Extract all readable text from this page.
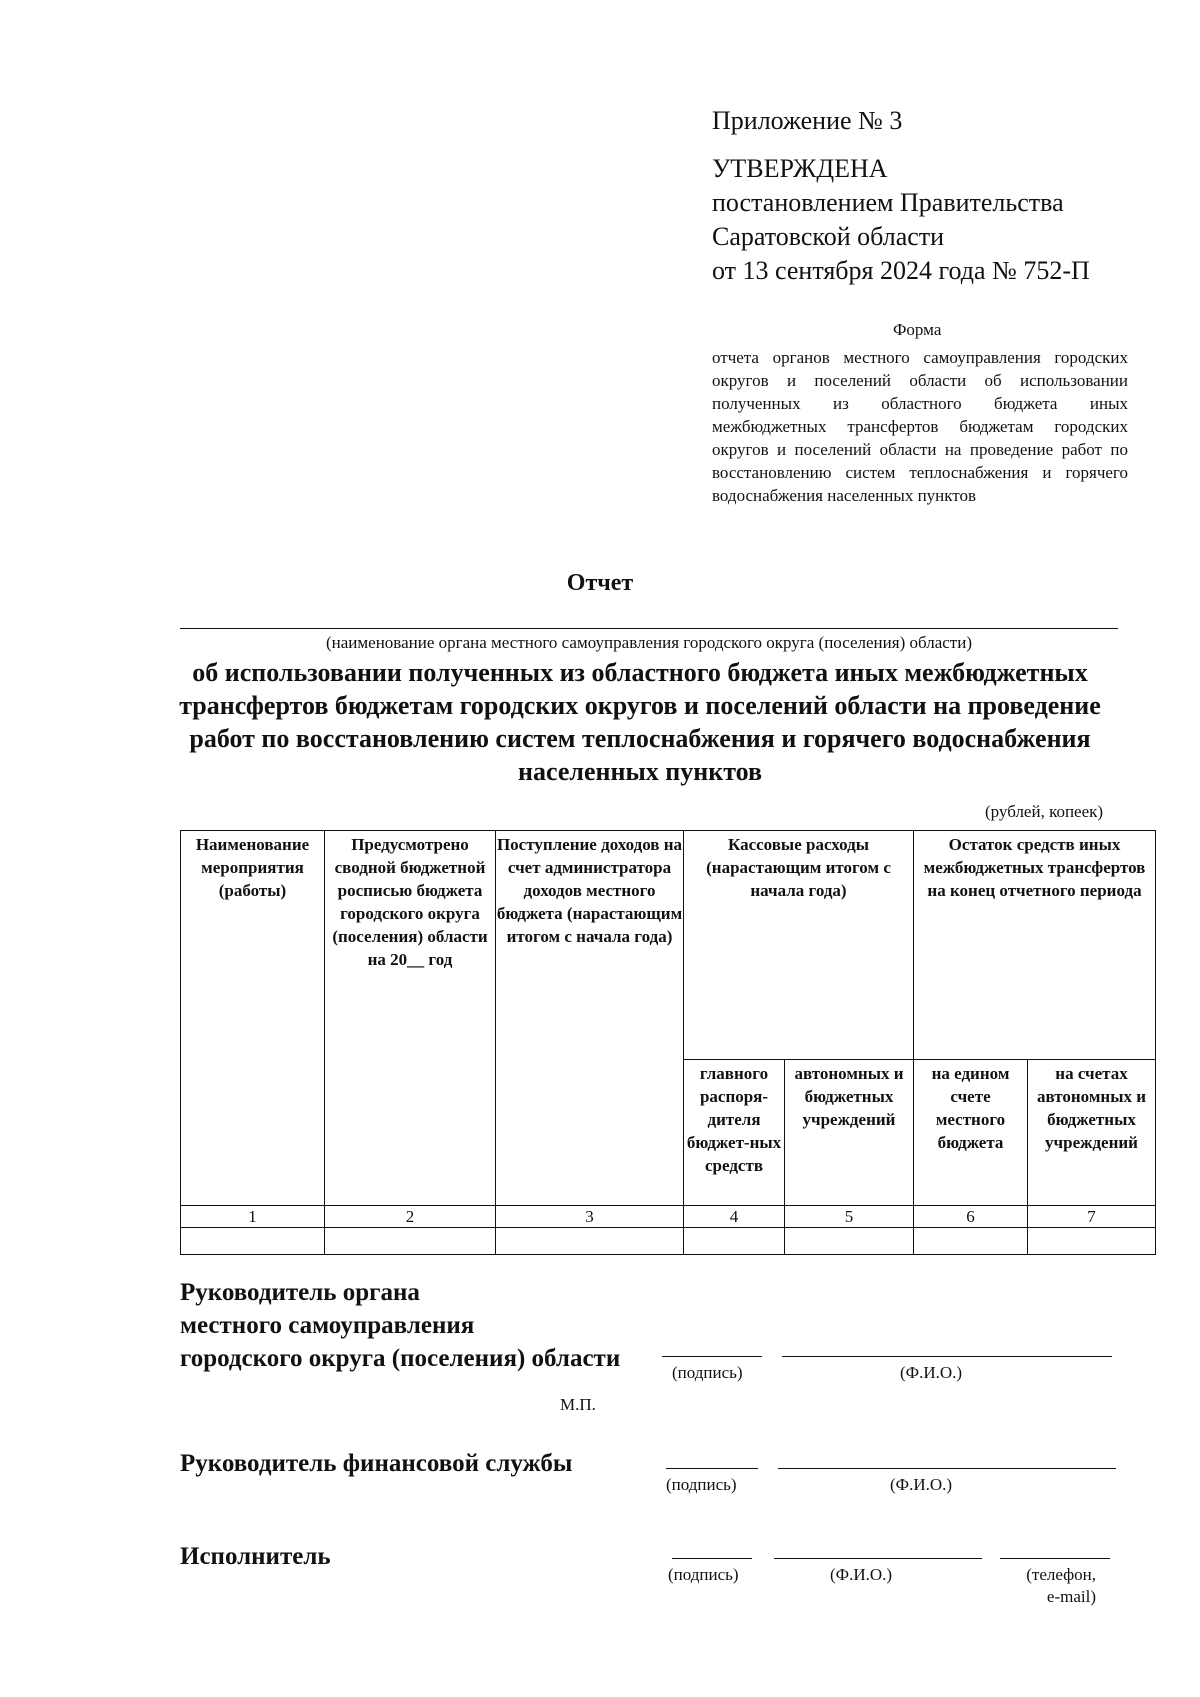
Приложение № 3
УТВЕРЖДЕНА
постановлением Правительства
Саратовской области
от 13 сентября 2024 года № 752-П
Форма
отчета органов местного самоуправления городских округов и поселений области об использовании полученных из областного бюджета иных межбюджетных трансфертов бюджетам городских округов и поселений области на проведение работ по восстановлению систем теплоснабжения и горячего водоснабжения населенных пунктов
Отчет
(наименование органа местного самоуправления городского округа (поселения) области)
об использовании полученных из областного бюджета иных межбюджетных трансфертов бюджетам городских округов и поселений области на проведение работ по восстановлению систем теплоснабжения и горячего водоснабжения населенных пунктов
(рублей, копеек)
Наименование мероприятия (работы)	Предусмотрено сводной бюджетной росписью бюджета городского округа (поселения) области на 20__ год	Поступление доходов на счет администратора доходов местного бюджета (нарастающим итогом с начала года)	Кассовые расходы (нарастающим итогом с начала года)		Остаток средств иных межбюджетных трансфертов на конец отчетного периода	
			главного распоря-дителя бюджет-ных средств	автономных и бюджетных учреждений	на едином счете местного бюджета	на счетах автономных и бюджетных учреждений
1	2	3	4	5	6	7

Руководитель органа
местного самоуправления
городского округа (поселения) области
(подпись)	(Ф.И.О.)
М.П.
Руководитель финансовой службы
(подпись)	(Ф.И.О.)
Исполнитель
(подпись)	(Ф.И.О.)	(телефон,
e-mail)
